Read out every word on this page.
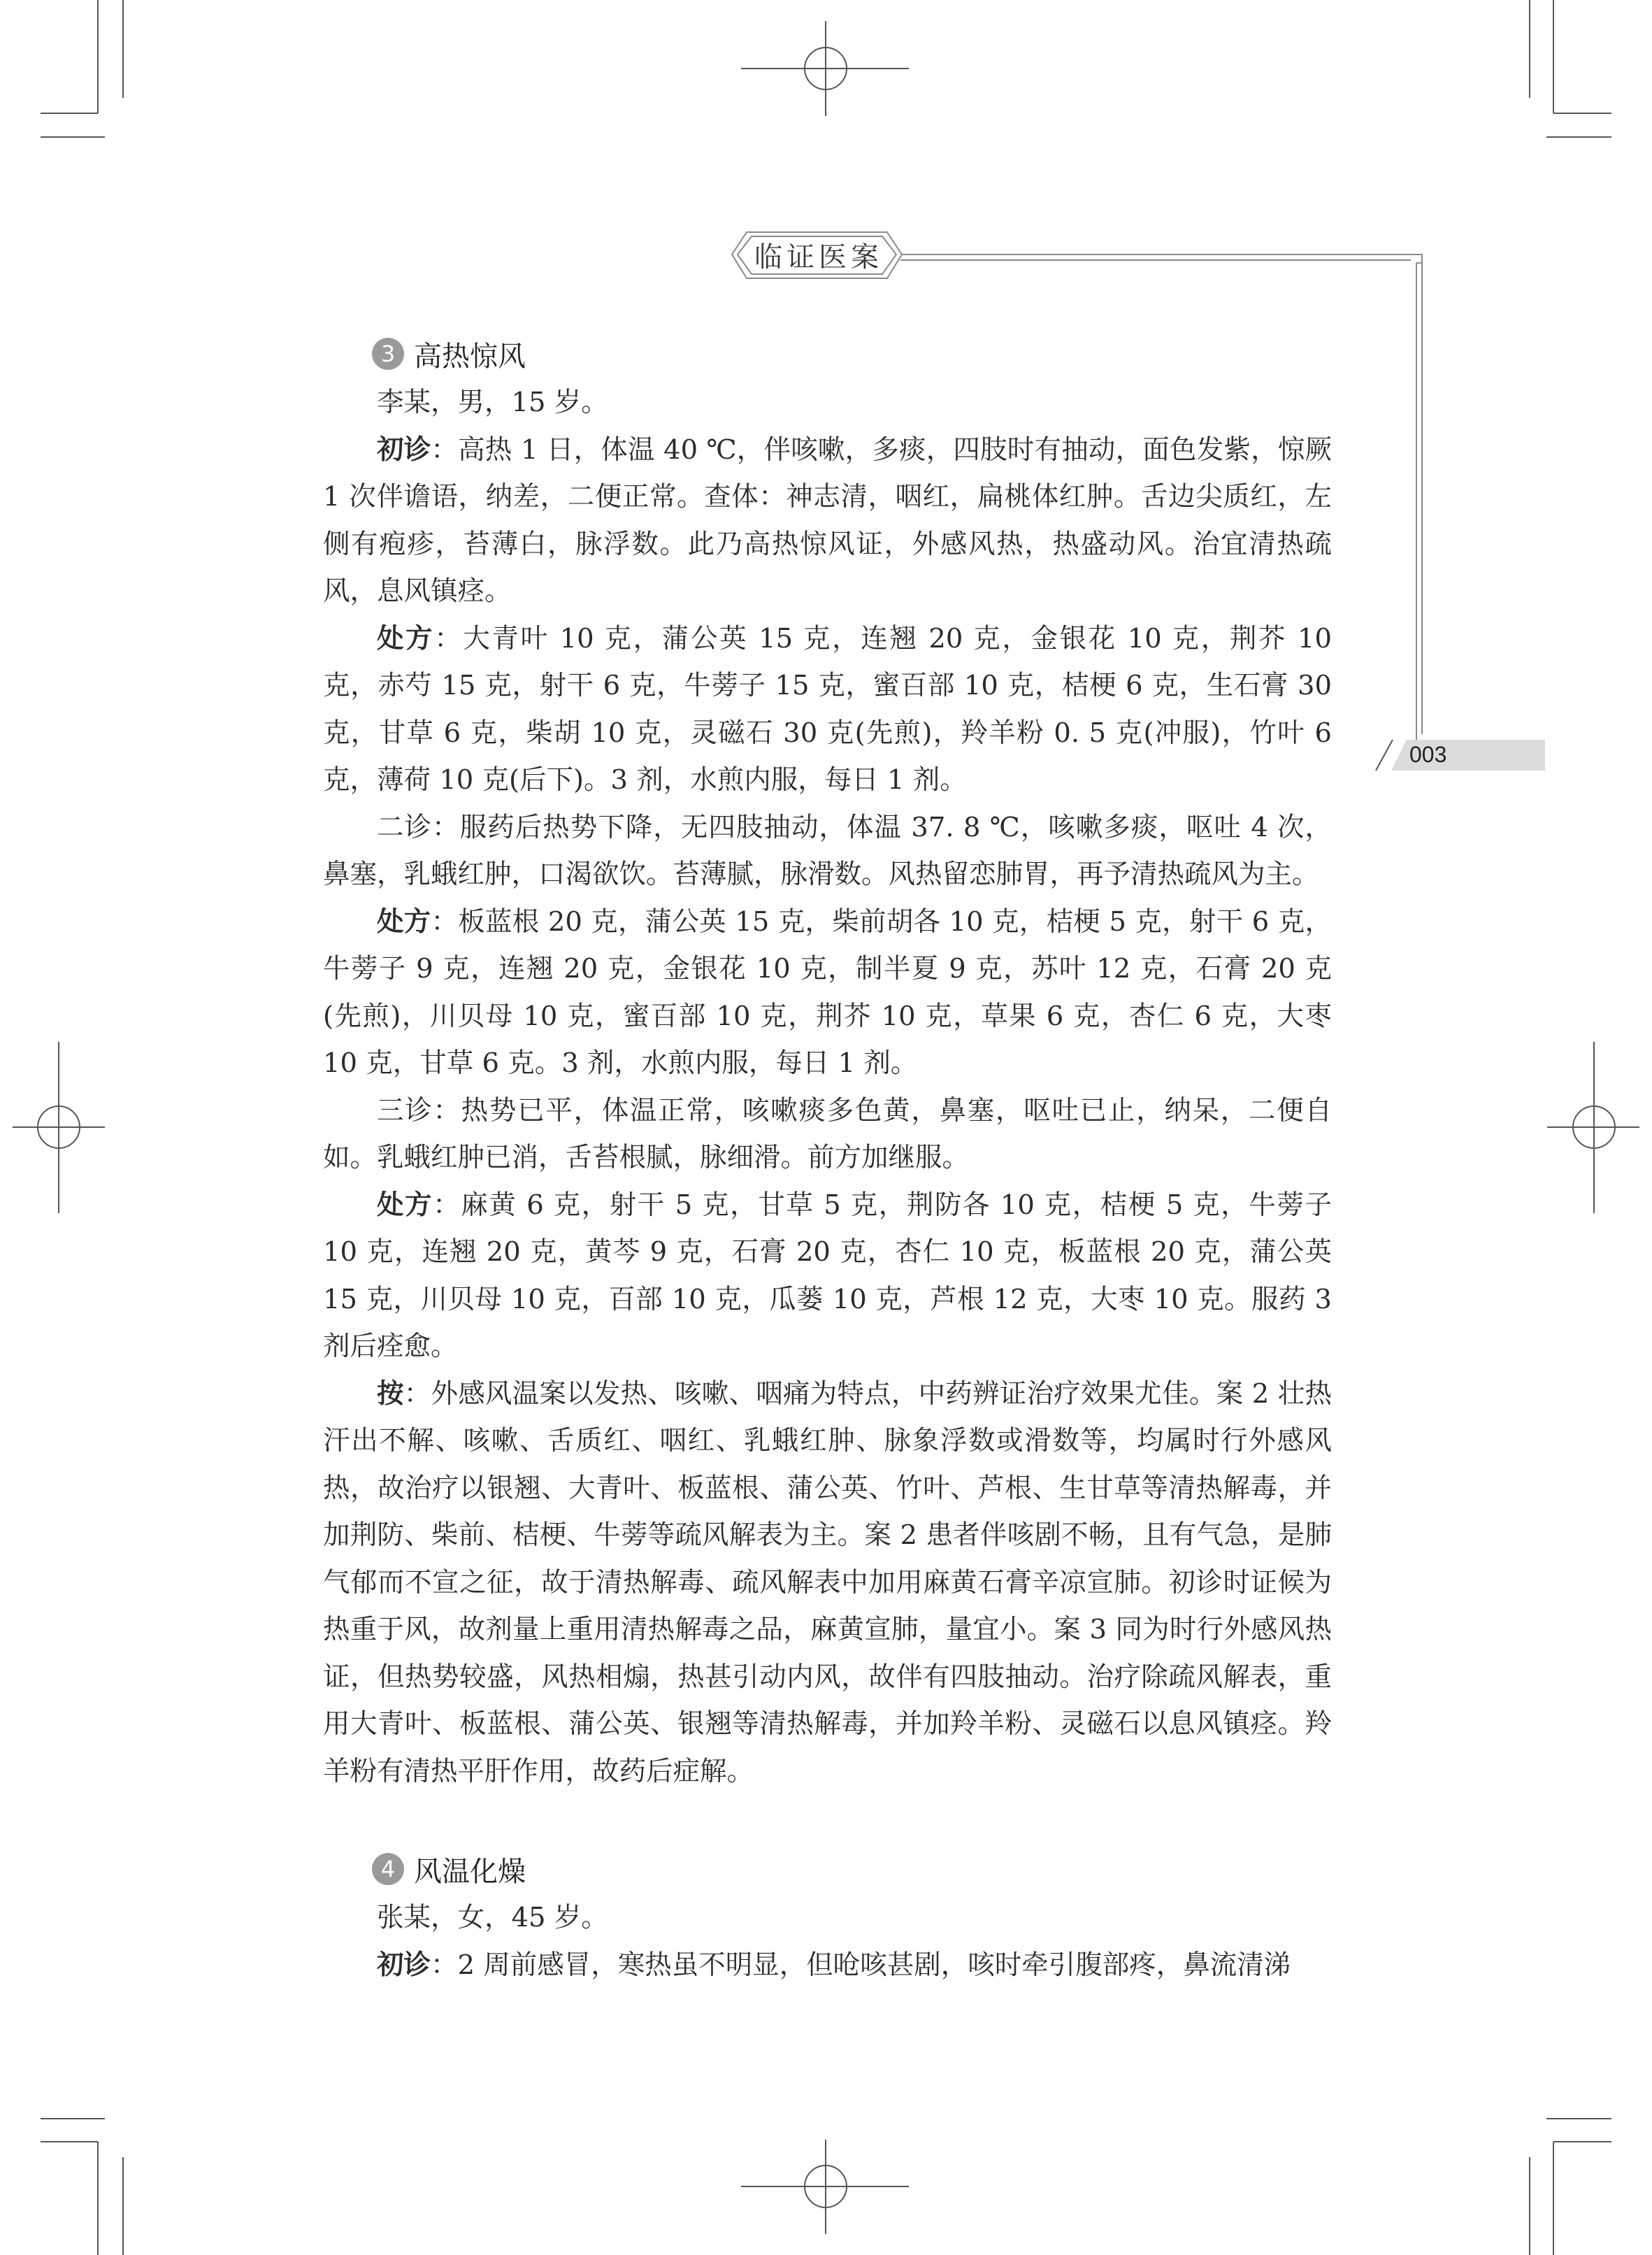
临证医案
003
3 高热惊风

李某，男，15 岁。

初诊：高热 1 日，体温 40 ℃，伴咳嗽，多痰，四肢时有抽动，面色发紫，惊厥 1 次伴谵语，纳差，二便正常。查体：神志清，咽红，扁桃体红肿。舌边尖质红，左侧有疱疹，苔薄白，脉浮数。此乃高热惊风证，外感风热，热盛动风。治宜清热疏风，息风镇痉。

处方：大青叶 10 克，蒲公英 15 克，连翘 20 克，金银花 10 克，荆芥 10 克，赤芍 15 克，射干 6 克，牛蒡子 15 克，蜜百部 10 克，桔梗 6 克，生石膏 30 克，甘草 6 克，柴胡 10 克，灵磁石 30 克(先煎)，羚羊粉 0. 5 克(冲服)，竹叶 6 克，薄荷 10 克(后下)。3 剂，水煎内服，每日 1 剂。

二诊：服药后热势下降，无四肢抽动，体温 37. 8 ℃，咳嗽多痰，呕吐 4 次，鼻塞，乳蛾红肿，口渴欲饮。苔薄腻，脉滑数。风热留恋肺胃，再予清热疏风为主。

处方：板蓝根 20 克，蒲公英 15 克，柴前胡各 10 克，桔梗 5 克，射干 6 克，牛蒡子 9 克，连翘 20 克，金银花 10 克，制半夏 9 克，苏叶 12 克，石膏 20 克(先煎)，川贝母 10 克，蜜百部 10 克，荆芥 10 克，草果 6 克，杏仁 6 克，大枣 10 克，甘草 6 克。3 剂，水煎内服，每日 1 剂。

三诊：热势已平，体温正常，咳嗽痰多色黄，鼻塞，呕吐已止，纳呆，二便自如。乳蛾红肿已消，舌苔根腻，脉细滑。前方加继服。

处方：麻黄 6 克，射干 5 克，甘草 5 克，荆防各 10 克，桔梗 5 克，牛蒡子 10 克，连翘 20 克，黄芩 9 克，石膏 20 克，杏仁 10 克，板蓝根 20 克，蒲公英 15 克，川贝母 10 克，百部 10 克，瓜蒌 10 克，芦根 12 克，大枣 10 克。服药 3 剂后痊愈。

按：外感风温案以发热、咳嗽、咽痛为特点，中药辨证治疗效果尤佳。案 2 壮热汗出不解、咳嗽、舌质红、咽红、乳蛾红肿、脉象浮数或滑数等，均属时行外感风热，故治疗以银翘、大青叶、板蓝根、蒲公英、竹叶、芦根、生甘草等清热解毒，并加荆防、柴前、桔梗、牛蒡等疏风解表为主。案 2 患者伴咳剧不畅，且有气急，是肺气郁而不宣之征，故于清热解毒、疏风解表中加用麻黄石膏辛凉宣肺。初诊时证候为热重于风，故剂量上重用清热解毒之品，麻黄宣肺，量宜小。案 3 同为时行外感风热证，但热势较盛，风热相煽，热甚引动内风，故伴有四肢抽动。治疗除疏风解表，重用大青叶、板蓝根、蒲公英、银翘等清热解毒，并加羚羊粉、灵磁石以息风镇痉。羚羊粉有清热平肝作用，故药后症解。

4 风温化燥

张某，女，45 岁。

初诊：2 周前感冒，寒热虽不明显，但呛咳甚剧，咳时牵引腹部疼，鼻流清涕
